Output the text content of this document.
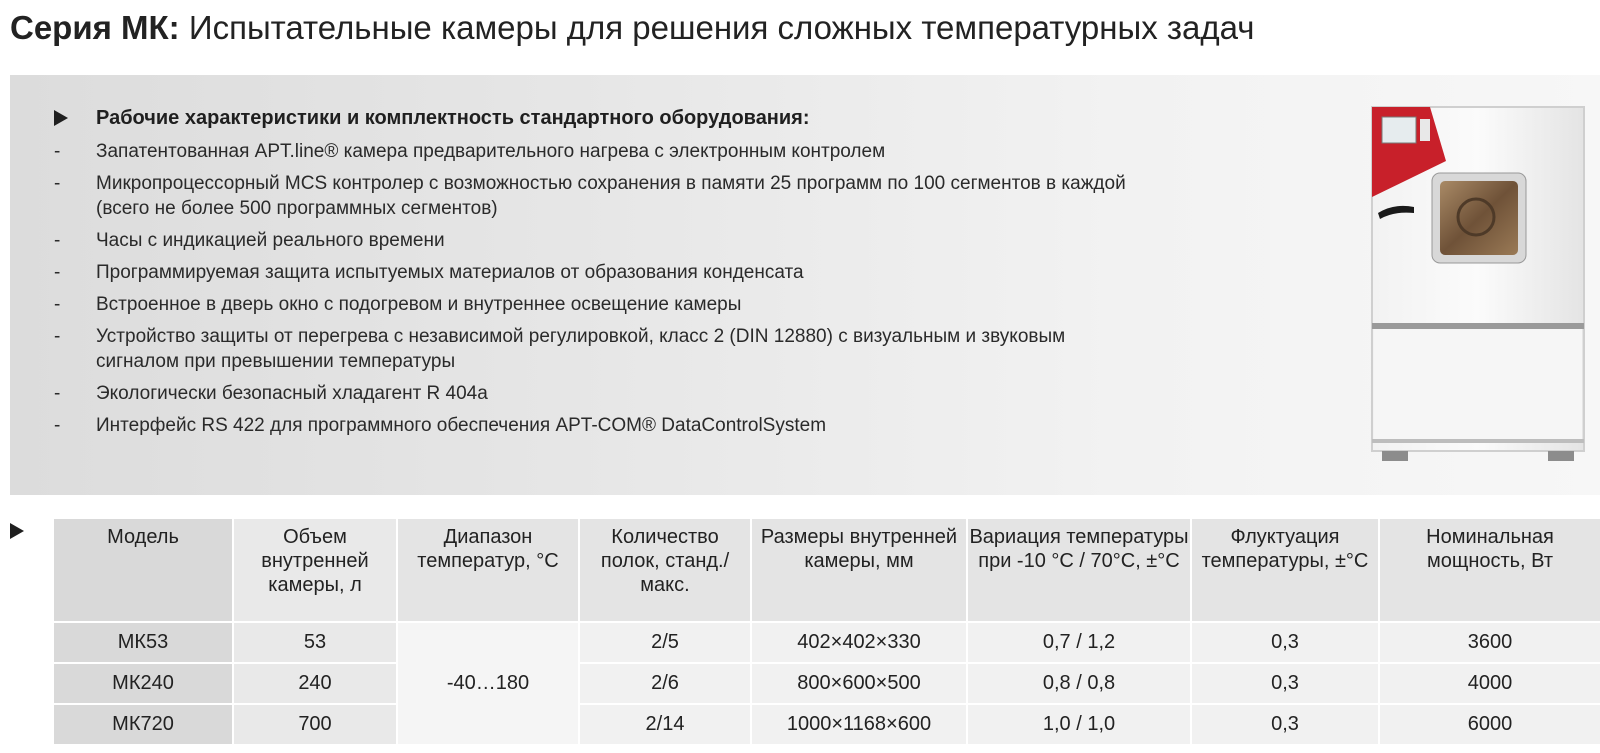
Серия МК: Испытательные камеры для решения сложных температурных задач
Рабочие характеристики и комплектность стандартного оборудования:
- Запатентованная APT.line® камера предварительного нагрева с электронным контролем
- Микропроцессорный MCS контролер с возможностью сохранения в памяти 25 программ по 100 сегментов в каждой (всего не более 500 программных сегментов)
- Часы с индикацией реального времени
- Программируемая защита испытуемых материалов от образования конденсата
- Встроенное в дверь окно с подогревом и внутреннее освещение камеры
- Устройство защиты от перегрева с независимой регулировкой, класс 2 (DIN 12880) с визуальным и звуковым сигналом при превышении температуры
- Экологически безопасный хладагент R 404a
- Интерфейс RS 422 для программного обеспечения APT-COM® DataControlSystem
Модель	Объем внутренней камеры, л	Диапазон температур, °С	Количество полок, станд./макс.	Размеры внутренней камеры, мм	Вариация температуры при -10 °С / 70°С, ±°С	Флуктуация температуры, ±°С	Номинальная мощность, Вт
МК53	53	-40…180	2/5	402×402×330	0,7 / 1,2	0,3	3600
МК240	240		2/6	800×600×500	0,8 / 0,8	0,3	4000
МК720	700		2/14	1000×1168×600	1,0 / 1,0	0,3	6000
